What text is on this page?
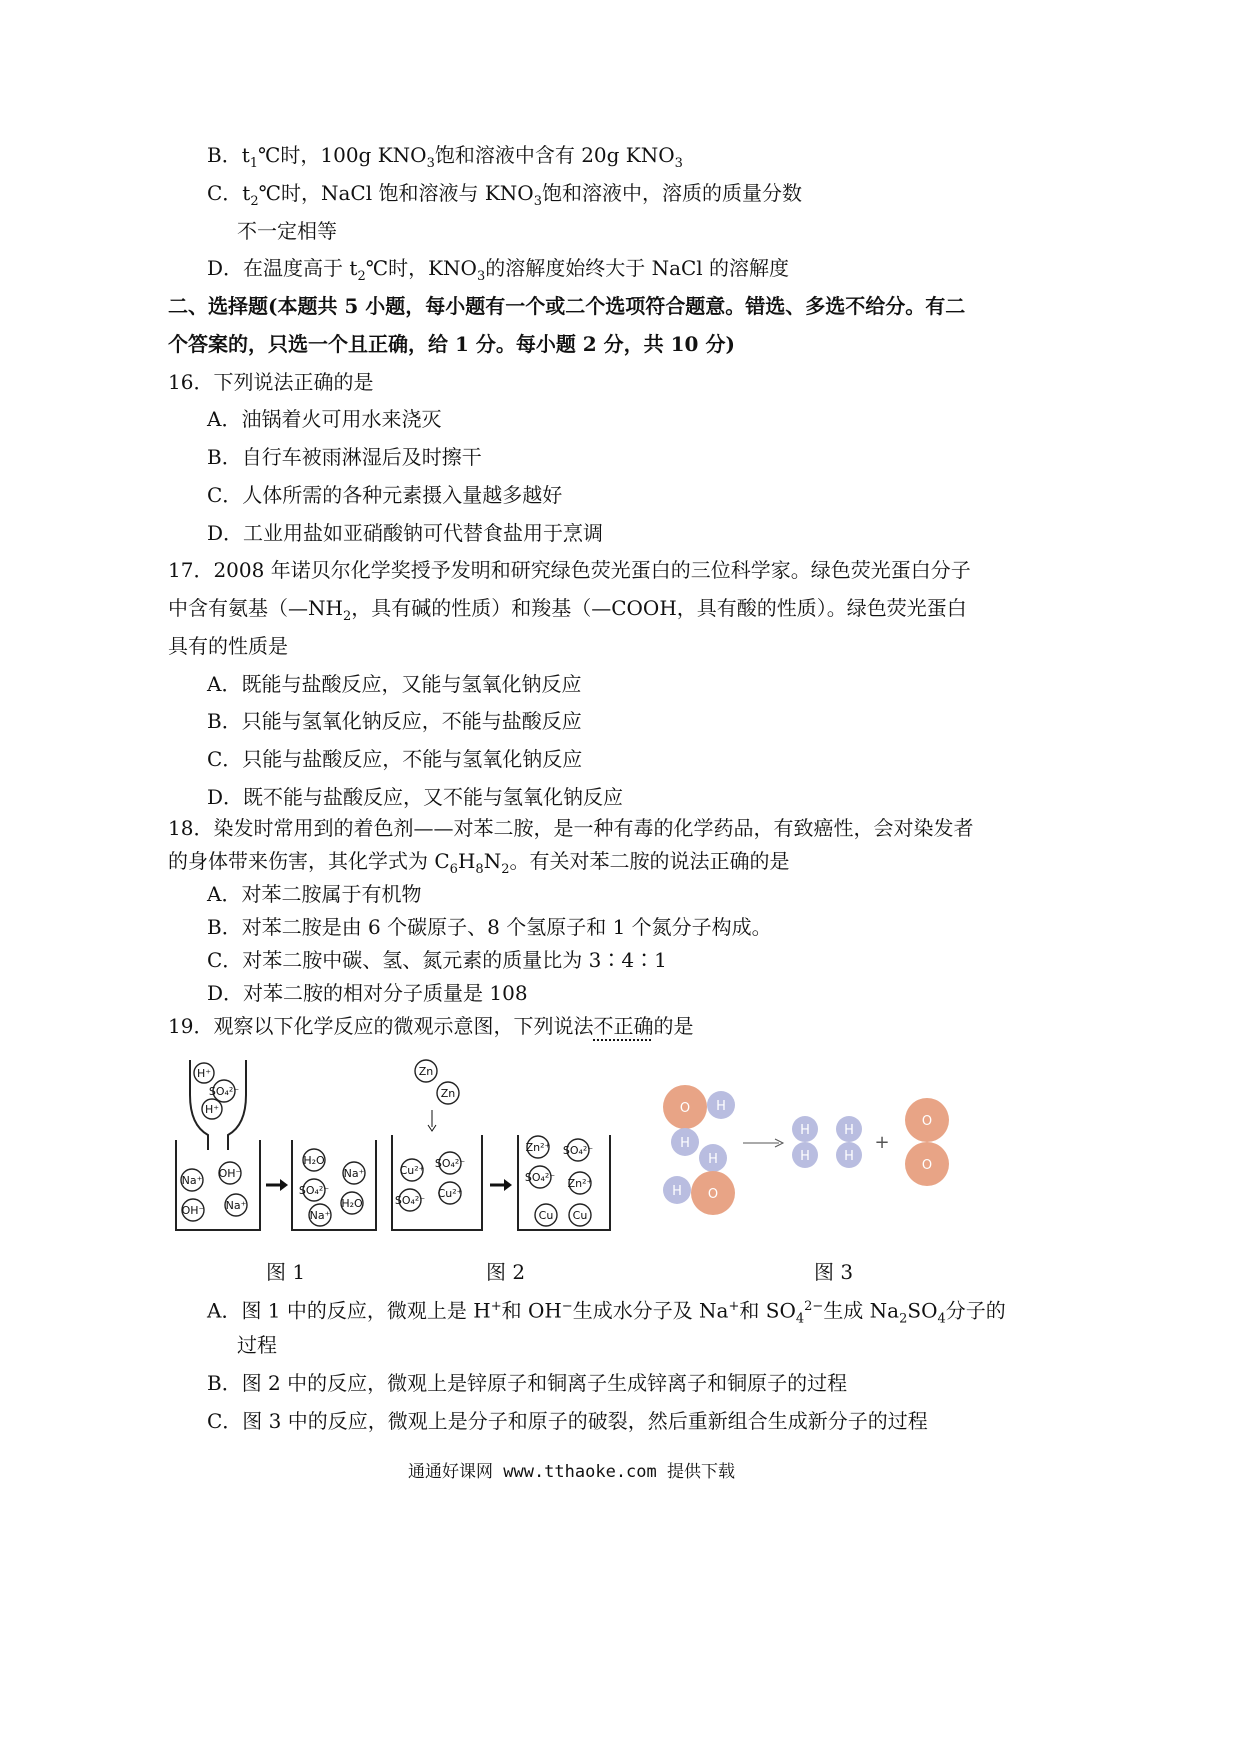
B．$t_1℃$时，100g $KNO_3$饱和溶液中含有 20g $KNO_3$
C．$t_2℃$时，NaCl 饱和溶液与 $KNO_3$饱和溶液中，溶质的质量分数
不一定相等
D．在温度高于 $t_2℃$时，$KNO_3$的溶解度始终大于 NaCl 的溶解度
二、选择题(本题共 5 小题，每小题有一个或二个选项符合题意。错选、多选不给分。有二
个答案的，只选一个且正确，给 1 分。每小题 2 分，共 10 分)
16．下列说法正确的是
A．油锅着火可用水来浇灭
B．自行车被雨淋湿后及时擦干
C．人体所需的各种元素摄入量越多越好
D．工业用盐如亚硝酸钠可代替食盐用于烹调
17．2008 年诺贝尔化学奖授予发明和研究绿色荧光蛋白的三位科学家。绿色荧光蛋白分子
中含有氨基（$—NH_2$，具有碱的性质）和羧基（—COOH，具有酸的性质）。绿色荧光蛋白
具有的性质是
A．既能与盐酸反应，又能与氢氧化钠反应
B．只能与氢氧化钠反应，不能与盐酸反应
C．只能与盐酸反应，不能与氢氧化钠反应
D．既不能与盐酸反应，又不能与氢氧化钠反应
18．染发时常用到的着色剂——对苯二胺，是一种有毒的化学药品，有致癌性，会对染发者
的身体带来伤害，其化学式为 $C_6H_8N_2$。有关对苯二胺的说法正确的是
A．对苯二胺属于有机物
B．对苯二胺是由 6 个碳原子、8 个氢原子和 1 个氮分子构成。
C．对苯二胺中碳、氢、氮元素的质量比为 3∶4∶1
D．对苯二胺的相对分子质量是 108
19．观察以下化学反应的微观示意图，下列说法不正确的是
H⁺
SO₄²⁻
H⁺
Na⁺
OH⁻
OH⁻ Na⁺
H₂O
Na⁺
SO₄²⁻
H₂O
Na⁺
Zn
Zn
Cu²⁺
SO₄²⁻
SO₄²⁻
Cu²⁺
Zn²⁺ SO₄²⁻
SO₄²⁻ Zn²⁺
Cu Cu
O H
H
H
H O
H
H
H
H
+
O
O
图 1	图 2	图 3
A．图 1 中的反应，微观上是 H+和 OH−生成水分子及 Na+和 $SO_4^{2-}$生成 $Na_2SO_4$分子的
过程
B．图 2 中的反应，微观上是锌原子和铜离子生成锌离子和铜原子的过程
C．图 3 中的反应，微观上是分子和原子的破裂，然后重新组合生成新分子的过程
通通好课网 www.tthaoke.com 提供下载
